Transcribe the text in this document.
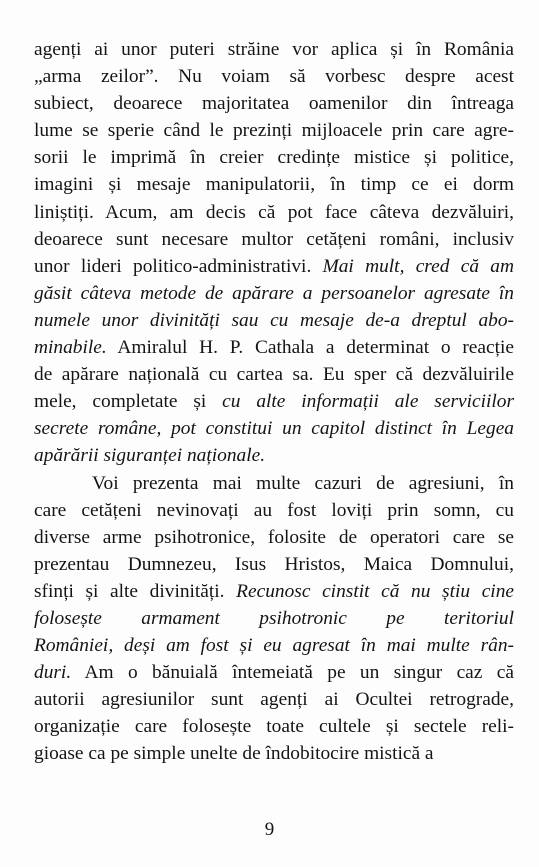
agenți ai unor puteri străine vor aplica și în România
„arma zeilor”. Nu voiam să vorbesc despre acest
subiect, deoarece majoritatea oamenilor din întreaga
lume se sperie când le prezinți mijloacele prin care agre-
sorii le imprimă în creier credințe mistice și politice,
imagini și mesaje manipulatorii, în timp ce ei dorm
liniștiți. Acum, am decis că pot face câteva dezvăluiri,
deoarece sunt necesare multor cetățeni români, inclusiv
unor lideri politico-administrativi. Mai mult, cred că am
găsit câteva metode de apărare a persoanelor agresate în
numele unor divinități sau cu mesaje de-a dreptul abo-
minabile. Amiralul H. P. Cathala a determinat o reacție
de apărare națională cu cartea sa. Eu sper că dezvăluirile
mele, completate și cu alte informații ale serviciilor
secrete române, pot constitui un capitol distinct în Legea
apărării siguranței naționale.
Voi prezenta mai multe cazuri de agresiuni, în
care cetățeni nevinovați au fost loviți prin somn, cu
diverse arme psihotronice, folosite de operatori care se
prezentau Dumnezeu, Isus Hristos, Maica Domnului,
sfinți și alte divinități. Recunosc cinstit că nu știu cine
folosește armament psihotronic pe teritoriul
României, deși am fost și eu agresat în mai multe rân-
duri. Am o bănuială întemeiată pe un singur caz că
autorii agresiunilor sunt agenți ai Ocultei retrograde,
organizație care folosește toate cultele și sectele reli-
gioase ca pe simple unelte de îndobitocire mistică a
9
